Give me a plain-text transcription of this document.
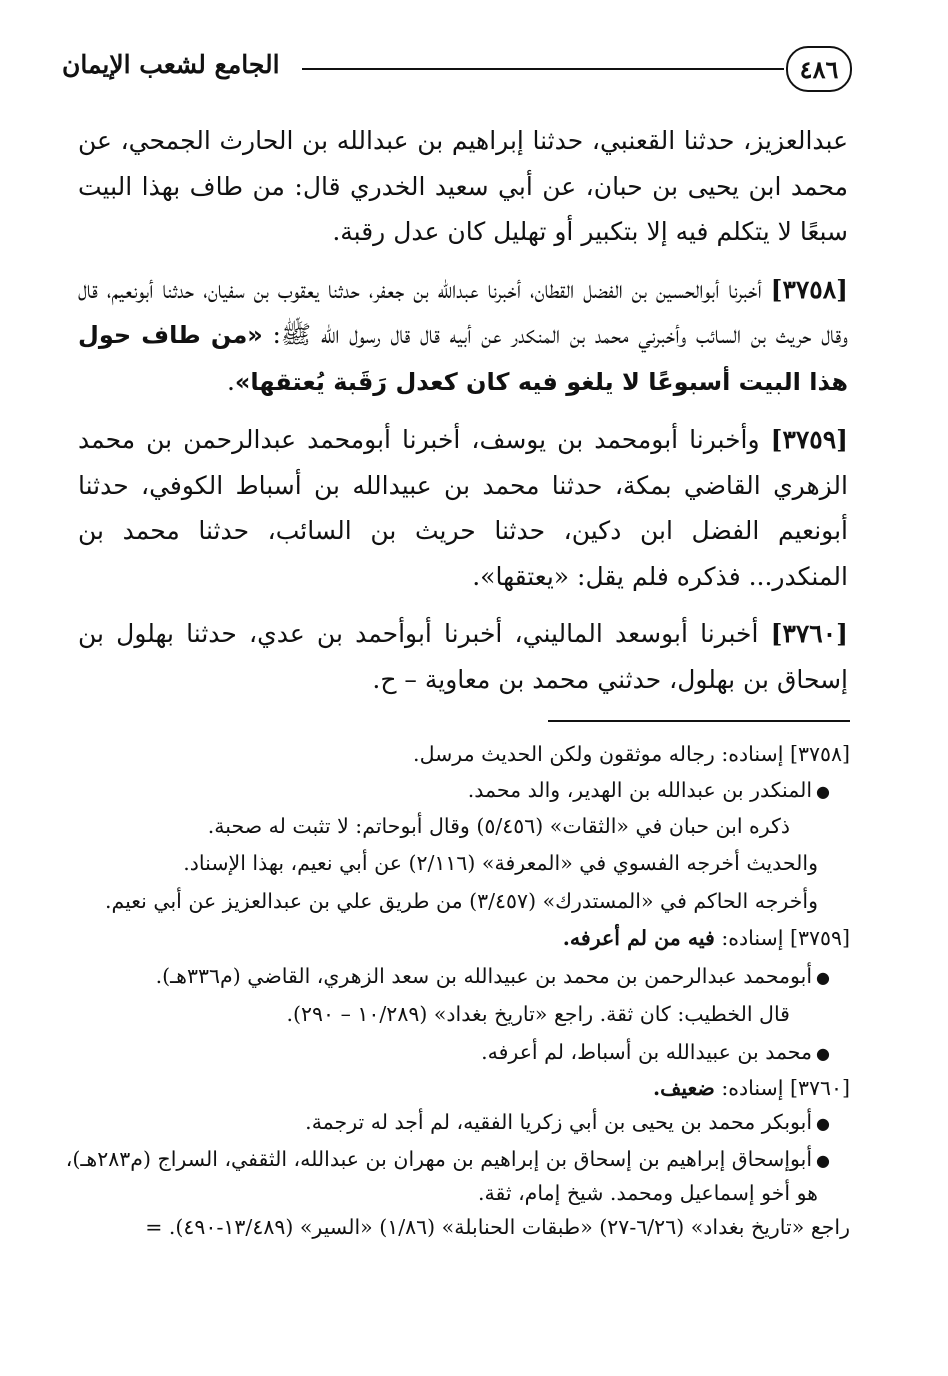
٤٨٦
الجامع لشعب الإيمان

عبدالعزيز، حدثنا القعنبي، حدثنا إبراهيم بن عبدالله بن الحارث الجمحي، عن محمد ابن يحيى بن حبان، عن أبي سعيد الخدري قال: من طاف بهذا البيت سبعًا لا يتكلم فيه إلا بتكبير أو تهليل كان عدل رقبة.

[٣٧٥٨] أخبرنا أبوالحسين بن الفضل القطان، أخبرنا عبدالله بن جعفر، حدثنا يعقوب بن سفيان، حدثنا أبونعيم، قال وقال حريث بن السائب وأخبرني محمد بن المنكدر عن أبيه قال قال رسول الله ﷺ: «من طاف حول هذا البيت أسبوعًا لا يلغو فيه كان كعدل رَقَبة يُعتقها».

[٣٧٥٩] وأخبرنا أبومحمد بن يوسف، أخبرنا أبومحمد عبدالرحمن بن محمد الزهري القاضي بمكة، حدثنا محمد بن عبيدالله بن أسباط الكوفي، حدثنا أبونعيم الفضل ابن دكين، حدثنا حريث بن السائب، حدثنا محمد بن المنكدر... فذكره فلم يقل: «يعتقها».

[٣٧٦٠] أخبرنا أبوسعد الماليني، أخبرنا أبوأحمد بن عدي، حدثنا بهلول بن إسحاق بن بهلول، حدثني محمد بن معاوية – ح.

[٣٧٥٨] إسناده: رجاله موثقون ولكن الحديث مرسل.
●المنكدر بن عبدالله بن الهدير، والد محمد.
ذكره ابن حبان في «الثقات» (٥/٤٥٦) وقال أبوحاتم: لا تثبت له صحبة.
والحديث أخرجه الفسوي في «المعرفة» (٢/١١٦) عن أبي نعيم، بهذا الإسناد.
وأخرجه الحاكم في «المستدرك» (٣/٤٥٧) من طريق علي بن عبدالعزيز عن أبي نعيم.
[٣٧٥٩] إسناده: فيه من لم أعرفه.
●أبومحمد عبدالرحمن بن محمد بن عبيدالله بن سعد الزهري، القاضي (م٣٣٦هـ).
قال الخطيب: كان ثقة. راجع «تاريخ بغداد» (١٠/٢٨٩ – ٢٩٠).
●محمد بن عبيدالله بن أسباط، لم أعرفه.
[٣٧٦٠] إسناده: ضعيف.
●أبوبكر محمد بن يحيى بن أبي زكريا الفقيه، لم أجد له ترجمة.
●أبوإسحاق إبراهيم بن إسحاق بن إبراهيم بن مهران بن عبدالله، الثقفي، السراج (م٢٨٣هـ)،
هو أخو إسماعيل ومحمد. شيخ إمام، ثقة.
راجع «تاريخ بغداد» (٦/٢٦-٢٧) «طبقات الحنابلة» (١/٨٦) «السير» (١٣/٤٨٩-٤٩٠). =
